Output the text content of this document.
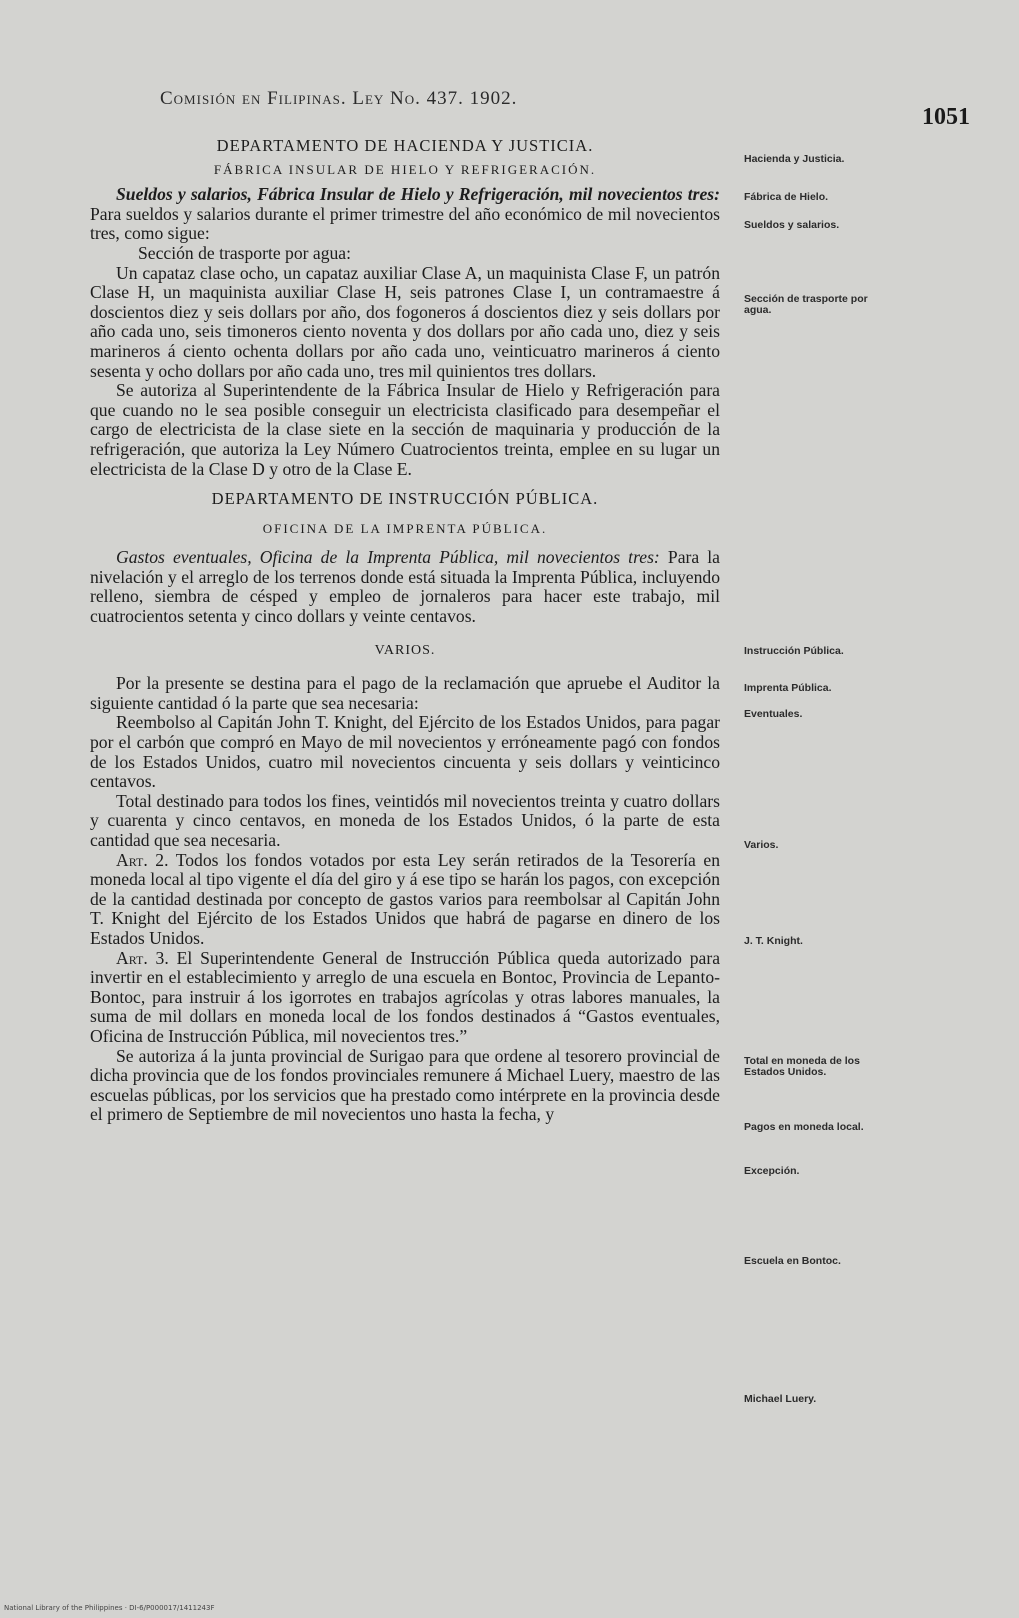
Comisión en Filipinas. Ley No. 437. 1902.
1051
DEPARTAMENTO DE HACIENDA Y JUSTICIA.
FÁBRICA INSULAR DE HIELO Y REFRIGERACIÓN.

Sueldos y salarios, Fábrica Insular de Hielo y Refrigeración, mil novecientos tres: Para sueldos y salarios durante el primer trimestre del año económico de mil novecientos tres, como sigue:

Sección de trasporte por agua:

Un capataz clase ocho, un capataz auxiliar Clase A, un maquinista Clase F, un patrón Clase H, un maquinista auxiliar Clase H, seis patrones Clase I, un contramaestre á doscientos diez y seis dollars por año, dos fogoneros á doscientos diez y seis dollars por año cada uno, seis timoneros ciento noventa y dos dollars por año cada uno, diez y seis marineros á ciento ochenta dollars por año cada uno, veinticuatro marineros á ciento sesenta y ocho dollars por año cada uno, tres mil quinientos tres dollars.

Se autoriza al Superintendente de la Fábrica Insular de Hielo y Refrigeración para que cuando no le sea posible conseguir un electricista clasificado para desempeñar el cargo de electricista de la clase siete en la sección de maquinaria y producción de la refrigeración, que autoriza la Ley Número Cuatrocientos treinta, emplee en su lugar un electricista de la Clase D y otro de la Clase E.

DEPARTAMENTO DE INSTRUCCIÓN PÚBLICA.
OFICINA DE LA IMPRENTA PÚBLICA.

Gastos eventuales, Oficina de la Imprenta Pública, mil novecientos tres: Para la nivelación y el arreglo de los terrenos donde está situada la Imprenta Pública, incluyendo relleno, siembra de césped y empleo de jornaleros para hacer este trabajo, mil cuatrocientos setenta y cinco dollars y veinte centavos.

VARIOS.

Por la presente se destina para el pago de la reclamación que apruebe el Auditor la siguiente cantidad ó la parte que sea necesaria:

Reembolso al Capitán John T. Knight, del Ejército de los Estados Unidos, para pagar por el carbón que compró en Mayo de mil novecientos y erróneamente pagó con fondos de los Estados Unidos, cuatro mil novecientos cincuenta y seis dollars y veinticinco centavos.

Total destinado para todos los fines, veintidós mil novecientos treinta y cuatro dollars y cuarenta y cinco centavos, en moneda de los Estados Unidos, ó la parte de esta cantidad que sea necesaria.

Art. 2. Todos los fondos votados por esta Ley serán retirados de la Tesorería en moneda local al tipo vigente el día del giro y á ese tipo se harán los pagos, con excepción de la cantidad destinada por concepto de gastos varios para reembolsar al Capitán John T. Knight del Ejército de los Estados Unidos que habrá de pagarse en dinero de los Estados Unidos.

Art. 3. El Superintendente General de Instrucción Pública queda autorizado para invertir en el establecimiento y arreglo de una escuela en Bontoc, Provincia de Lepanto-Bontoc, para instruir á los igorrotes en trabajos agrícolas y otras labores manuales, la suma de mil dollars en moneda local de los fondos destinados á “Gastos eventuales, Oficina de Instrucción Pública, mil novecientos tres.”

Se autoriza á la junta provincial de Surigao para que ordene al tesorero provincial de dicha provincia que de los fondos provinciales remunere á Michael Luery, maestro de las escuelas públicas, por los servicios que ha prestado como intérprete en la provincia desde el primero de Septiembre de mil novecientos uno hasta la fecha, y

Hacienda y Justicia.
Fábrica de Hielo.
Sueldos y salarios.
Sección de trasporte por agua.
Instrucción Pública.
Imprenta Pública.
Eventuales.
Varios.
J. T. Knight.
Total en moneda de los Estados Unidos.
Pagos en moneda local.
Excepción.
Escuela en Bontoc.
Michael Luery.
National Library of the Philippines · DI-6/P000017/1411243F
